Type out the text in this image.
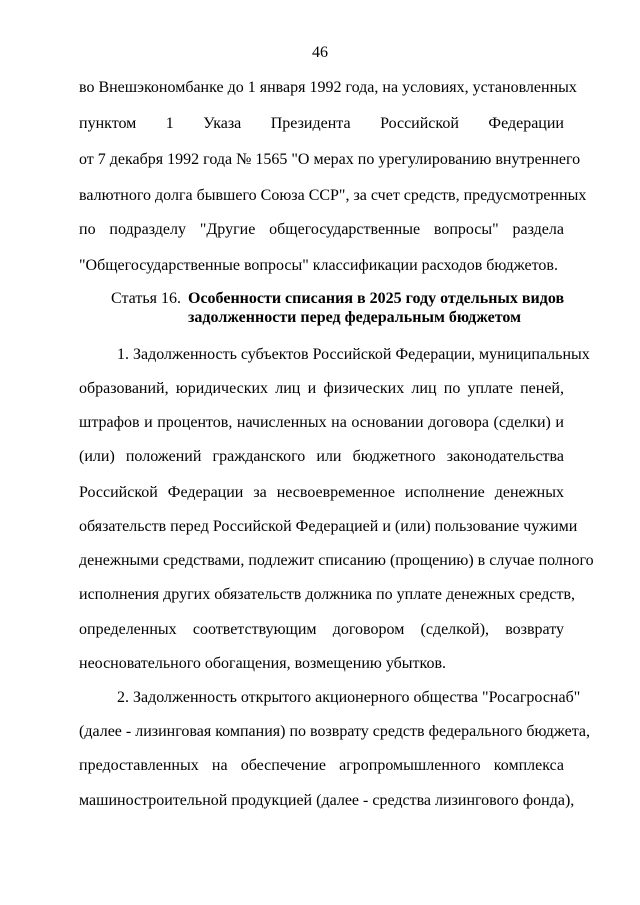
46
во Внешэкономбанке до 1 января 1992 года, на условиях, установленных
пунктом 1 Указа Президента Российской Федерации
от 7 декабря 1992 года № 1565 "О мерах по урегулированию внутреннего
валютного долга бывшего Союза ССР", за счет средств, предусмотренных
по подразделу "Другие общегосударственные вопросы" раздела
"Общегосударственные вопросы" классификации расходов бюджетов.
Статья 16. Особенности списания в 2025 году отдельных видов
задолженности перед федеральным бюджетом
1. Задолженность субъектов Российской Федерации, муниципальных
образований, юридических лиц и физических лиц по уплате пеней,
штрафов и процентов, начисленных на основании договора (сделки) и
(или) положений гражданского или бюджетного законодательства
Российской Федерации за несвоевременное исполнение денежных
обязательств перед Российской Федерацией и (или) пользование чужими
денежными средствами, подлежит списанию (прощению) в случае полного
исполнения других обязательств должника по уплате денежных средств,
определенных соответствующим договором (сделкой), возврату
неосновательного обогащения, возмещению убытков.
2. Задолженность открытого акционерного общества "Росагроснаб"
(далее - лизинговая компания) по возврату средств федерального бюджета,
предоставленных на обеспечение агропромышленного комплекса
машиностроительной продукцией (далее - средства лизингового фонда),
